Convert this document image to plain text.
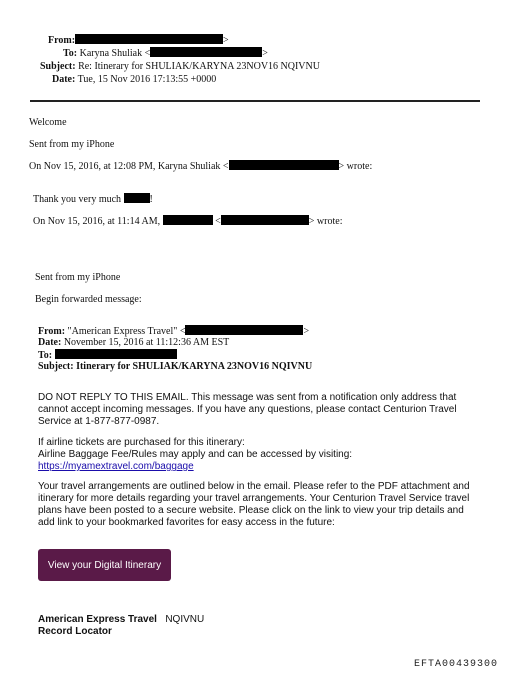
From:	>
To: Karyna Shuliak <	>
Subject: Re: Itinerary for SHULIAK/KARYNA 23NOV16 NQIVNU
Date: Tue, 15 Nov 2016 17:13:55 +0000
Welcome
Sent from my iPhone
On Nov 15, 2016, at 12:08 PM, Karyna Shuliak <	> wrote:
Thank you very much	!
On Nov 15, 2016, at 11:14 AM,	<	> wrote:
Sent from my iPhone
Begin forwarded message:
From: "American Express Travel" <	>
Date: November 15, 2016 at 11:12:36 AM EST
To:
Subject: Itinerary for SHULIAK/KARYNA 23NOV16 NQIVNU
DO NOT REPLY TO THIS EMAIL. This message was sent from a notification only address that
cannot accept incoming messages. If you have any questions, please contact Centurion Travel
Service at 1-877-877-0987.
If airline tickets are purchased for this itinerary:
Airline Baggage Fee/Rules may apply and can be accessed by visiting:
https://myamextravel.com/baggage
Your travel arrangements are outlined below in the email. Please refer to the PDF attachment and
itinerary for more details regarding your travel arrangements. Your Centurion Travel Service travel
plans have been posted to a secure website. Please click on the link to view your trip details and
add link to your bookmarked favorites for easy access in the future:
View your Digital Itinerary
American Express Travel NQIVNU
Record Locator
EFTA00439300
